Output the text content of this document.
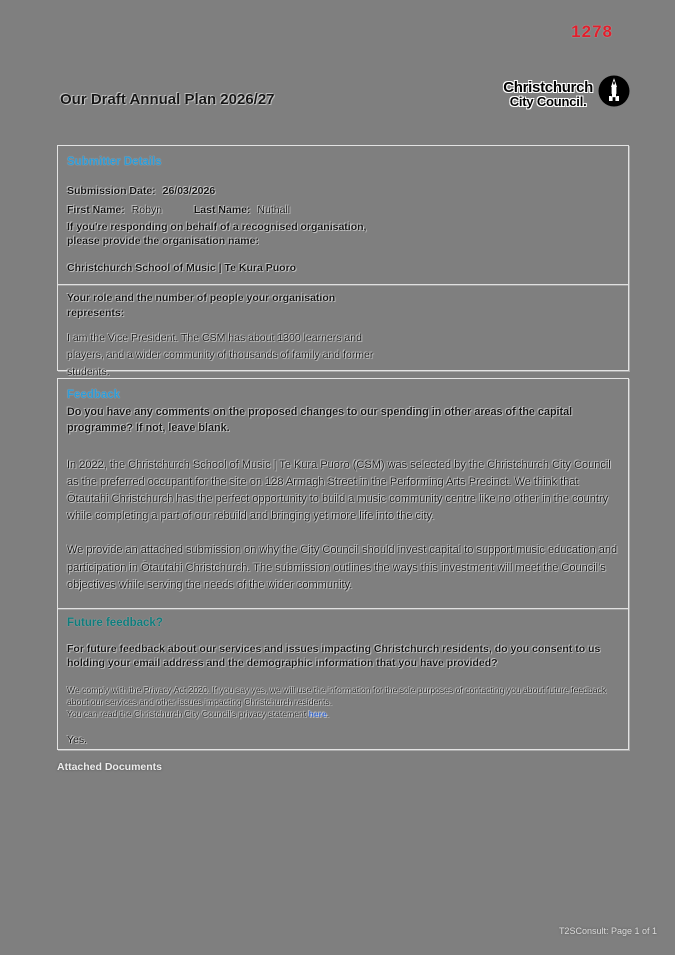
1278
Christchurch
City Council.
Our Draft Annual Plan 2026/27
Submitter Details
Submission Date: 26/03/2026
First Name: Robyn	Last Name: Nuthall
If you're responding on behalf of a recognised organisation, please provide the organisation name:
Christchurch School of Music | Te Kura Puoro
Your role and the number of people your organisation represents:
I am the Vice President. The CSM has about 1300 learners and players, and a wider community of thousands of family and former students.
Feedback
Do you have any comments on the proposed changes to our spending in other areas of the capital programme? If not, leave blank.
In 2022, the Christchurch School of Music | Te Kura Puoro (CSM) was selected by the Christchurch City Council as the preferred occupant for the site on 128 Armagh Street in the Performing Arts Precinct. We think that Ōtautahi Christchurch has the perfect opportunity to build a music community centre like no other in the country while completing a part of our rebuild and bringing yet more life into the city.
We provide an attached submission on why the City Council should invest capital to support music education and participation in Ōtautahi Christchurch. The submission outlines the ways this investment will meet the Council's objectives while serving the needs of the wider community.
Future feedback?
For future feedback about our services and issues impacting Christchurch residents, do you consent to us holding your email address and the demographic information that you have provided?
We comply with the Privacy Act 2020. If you say yes, we will use the information for the sole purposes of contacting you about future feedback about our services and other issues impacting Christchurch residents.
You can read the Christchurch City Council's privacy statement here.
Yes.
Attached Documents
T2SConsult: Page 1 of 1
